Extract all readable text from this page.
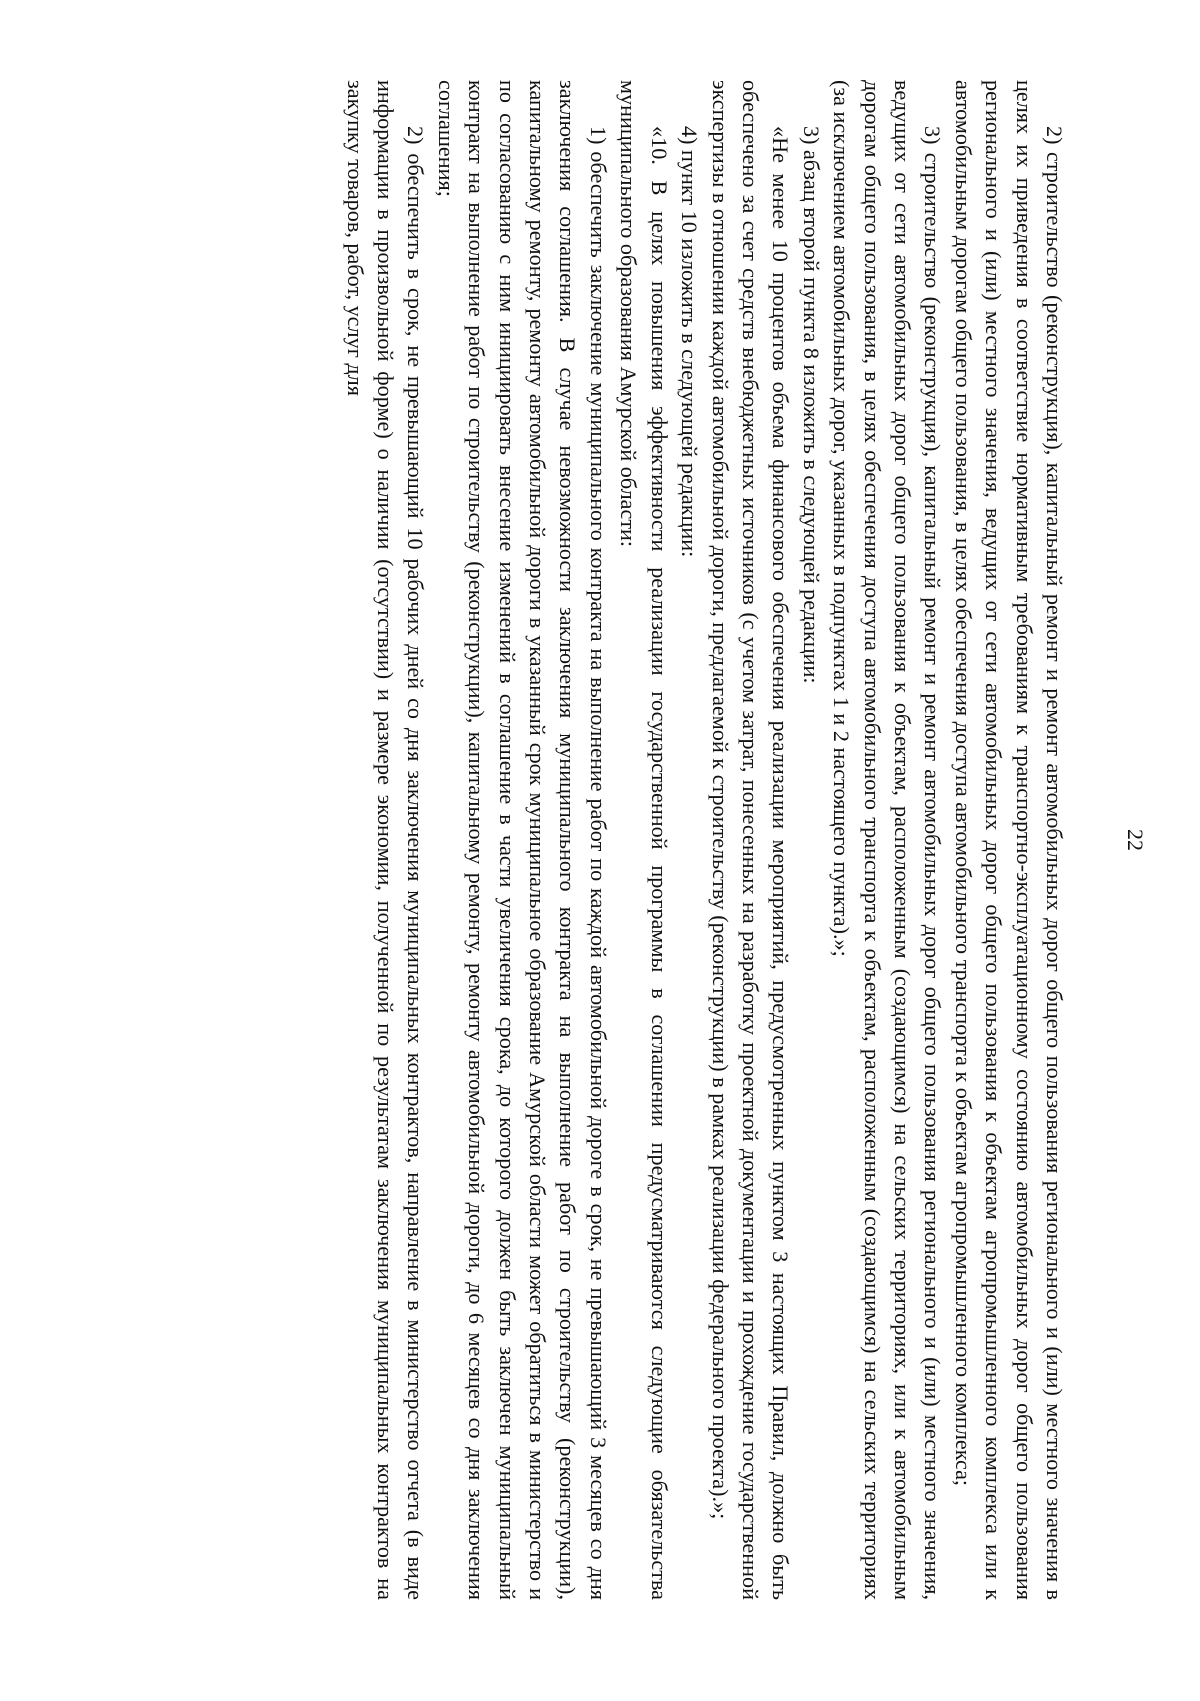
22

2) строительство (реконструкция), капитальный ремонт и ремонт автомобильных дорог общего пользования регионального и (или) местного значения в целях их приведения в соответствие нормативным требованиям к транспортно-эксплуатационному состоянию автомобильных дорог общего пользования регионального и (или) местного значения, ведущих от сети автомобильных дорог общего пользования к объектам агропромышленного комплекса или к автомобильным дорогам общего пользования, в целях обеспечения доступа автомобильного транспорта к объектам агропромышленного комплекса;

3) строительство (реконструкция), капитальный ремонт и ремонт автомобильных дорог общего пользования регионального и (или) местного значения, ведущих от сети автомобильных дорог общего пользования к объектам, расположенным (создающимся) на сельских территориях, или к автомобильным дорогам общего пользования, в целях обеспечения доступа автомобильного транспорта к объектам, расположенным (создающимся) на сельских территориях (за исключением автомобильных дорог, указанных в подпунктах 1 и 2 настоящего пункта).»;

3) абзац второй пункта 8 изложить в следующей редакции:

«Не менее 10 процентов объема финансового обеспечения реализации мероприятий, предусмотренных пунктом 3 настоящих Правил, должно быть обеспечено за счет средств внебюджетных источников (с учетом затрат, понесенных на разработку проектной документации и прохождение государственной экспертизы в отношении каждой автомобильной дороги, предлагаемой к строительству (реконструкции) в рамках реализации федерального проекта).»;

4) пункт 10 изложить в следующей редакции:

«10. В целях повышения эффективности реализации государственной программы в соглашении предусматриваются следующие обязательства муниципального образования Амурской области:

1) обеспечить заключение муниципального контракта на выполнение работ по каждой автомобильной дороге в срок, не превышающий 3 месяцев со дня заключения соглашения. В случае невозможности заключения муниципального контракта на выполнение работ по строительству (реконструкции), капитальному ремонту, ремонту автомобильной дороги в указанный срок муниципальное образование Амурской области может обратиться в министерство и по согласованию с ним инициировать внесение изменений в соглашение в части увеличения срока, до которого должен быть заключен муниципальный контракт на выполнение работ по строительству (реконструкции), капитальному ремонту, ремонту автомобильной дороги, до 6 месяцев со дня заключения соглашения;

2) обеспечить в срок, не превышающий 10 рабочих дней со дня заключения муниципальных контрактов, направление в министерство отчета (в виде информации в произвольной форме) о наличии (отсутствии) и размере экономии, полученной по результатам заключения муниципальных контрактов на закупку товаров, работ, услуг для
